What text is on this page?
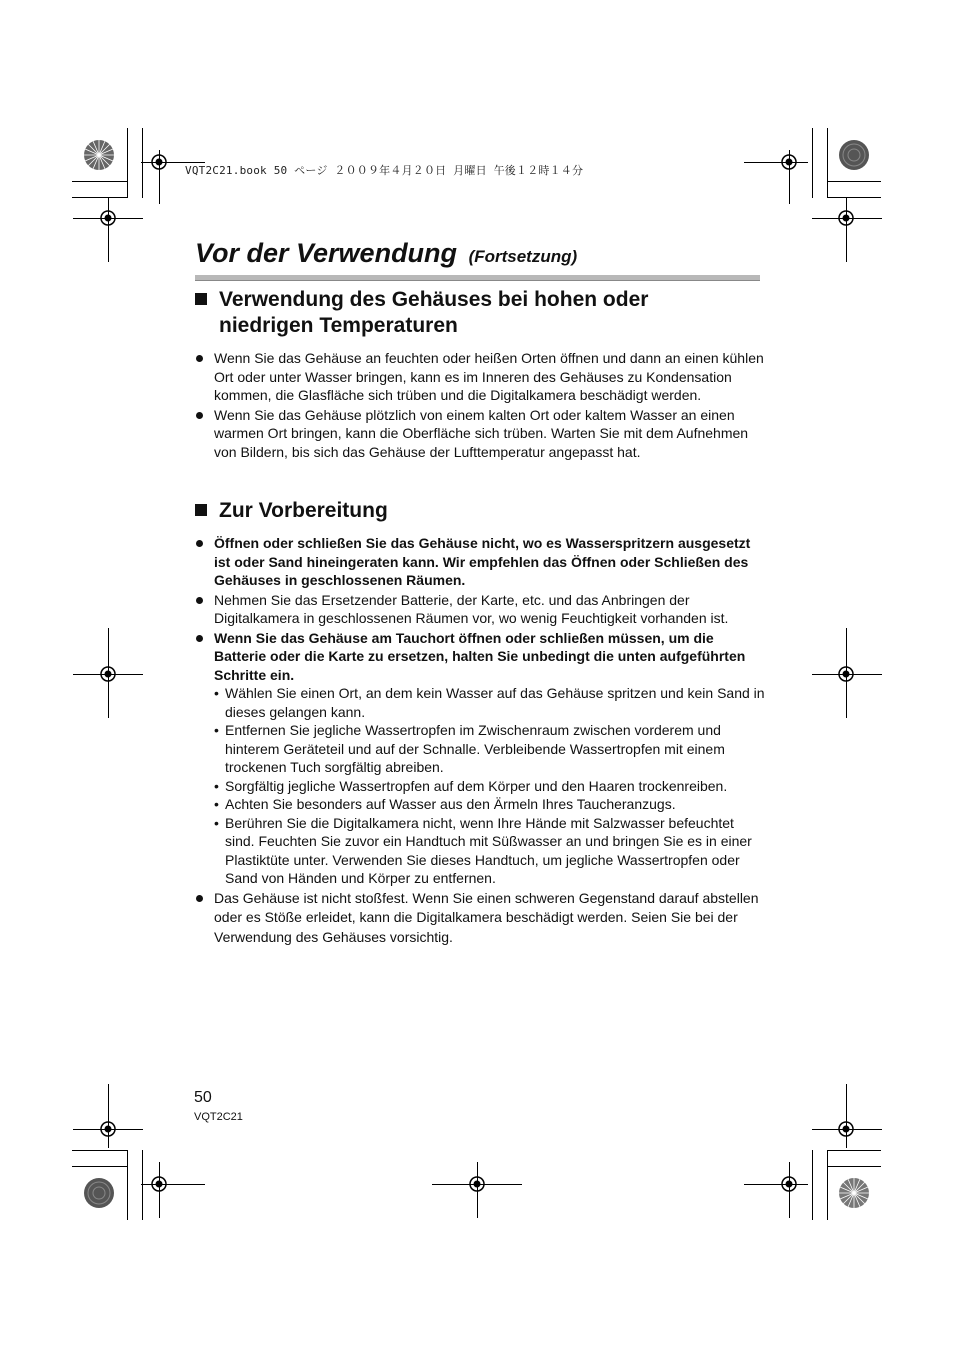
VQT2C21.book 50 ページ ２００９年４月２０日 月曜日 午後１２時１４分
Vor der Verwendung (Fortsetzung)
Verwendung des Gehäuses bei hohen oder
niedrigen Temperaturen
Wenn Sie das Gehäuse an feuchten oder heißen Orten öffnen und dann an einen kühlen Ort oder unter Wasser bringen, kann es im Inneren des Gehäuses zu Kondensation kommen, die Glasfläche sich trüben und die Digitalkamera beschädigt werden.
Wenn Sie das Gehäuse plötzlich von einem kalten Ort oder kaltem Wasser an einen warmen Ort bringen, kann die Oberfläche sich trüben. Warten Sie mit dem Aufnehmen von Bildern, bis sich das Gehäuse der Lufttemperatur angepasst hat.
Zur Vorbereitung
Öffnen oder schließen Sie das Gehäuse nicht, wo es Wasserspritzern ausgesetzt ist oder Sand hineingeraten kann. Wir empfehlen das Öffnen oder Schließen des Gehäuses in geschlossenen Räumen.
Nehmen Sie das Ersetzender Batterie, der Karte, etc. und das Anbringen der Digitalkamera in geschlossenen Räumen vor, wo wenig Feuchtigkeit vorhanden ist.
Wenn Sie das Gehäuse am Tauchort öffnen oder schließen müssen, um die Batterie oder die Karte zu ersetzen, halten Sie unbedingt die unten aufgeführten Schritte ein.
• Wählen Sie einen Ort, an dem kein Wasser auf das Gehäuse spritzen und kein Sand in dieses gelangen kann.
• Entfernen Sie jegliche Wassertropfen im Zwischenraum zwischen vorderem und hinterem Geräteteil und auf der Schnalle. Verbleibende Wassertropfen mit einem trockenen Tuch sorgfältig abreiben.
• Sorgfältig jegliche Wassertropfen auf dem Körper und den Haaren trockenreiben.
• Achten Sie besonders auf Wasser aus den Ärmeln Ihres Taucheranzugs.
• Berühren Sie die Digitalkamera nicht, wenn Ihre Hände mit Salzwasser befeuchtet sind. Feuchten Sie zuvor ein Handtuch mit Süßwasser an und bringen Sie es in einer Plastiktüte unter. Verwenden Sie dieses Handtuch, um jegliche Wassertropfen oder Sand von Händen und Körper zu entfernen.
Das Gehäuse ist nicht stoßfest. Wenn Sie einen schweren Gegenstand darauf abstellen oder es Stöße erleidet, kann die Digitalkamera beschädigt werden. Seien Sie bei der Verwendung des Gehäuses vorsichtig.
50
VQT2C21
